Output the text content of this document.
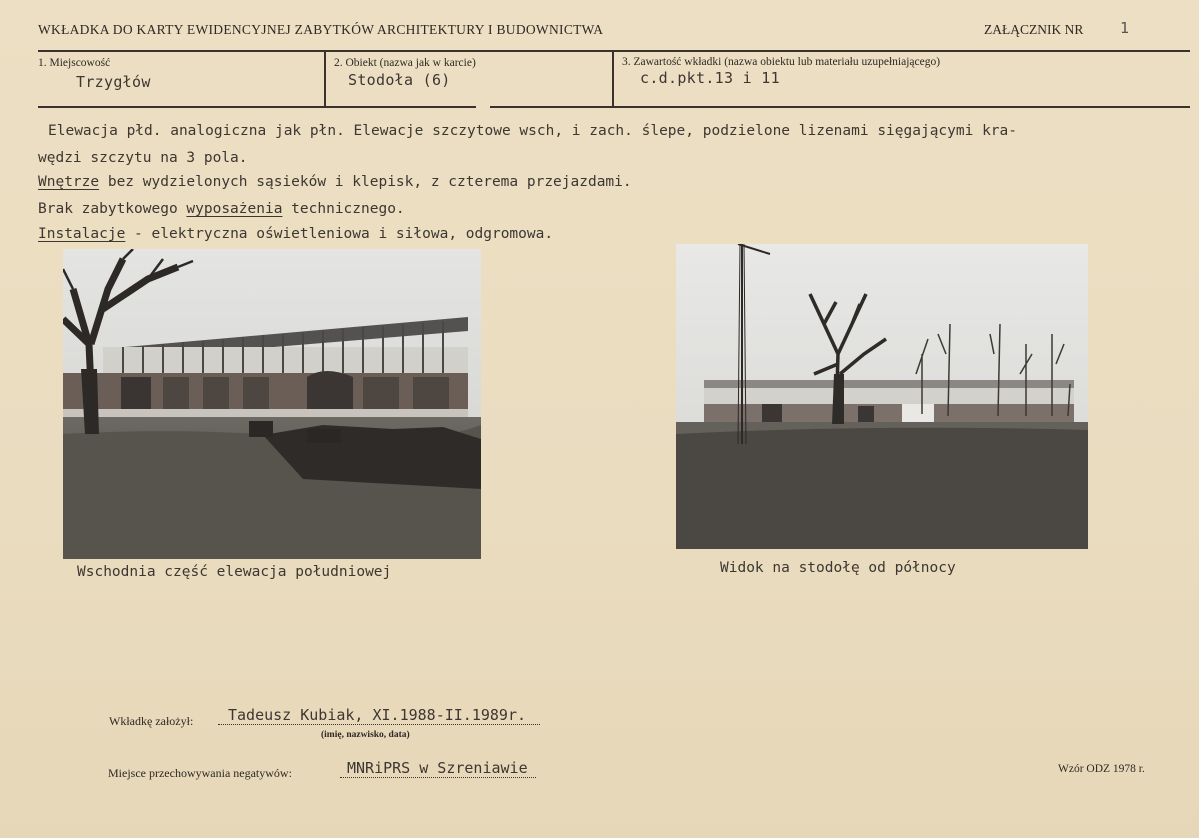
WKŁADKA DO KARTY EWIDENCYJNEJ ZABYTKÓW ARCHITEKTURY I BUDOWNICTWA	ZAŁĄCZNIK NR 1
1. Miejscowość
Trzygłów
2. Obiekt (nazwa jak w karcie)
Stodoła (6)
3. Zawartość wkładki (nazwa obiektu lub materiału uzupełniającego)
c.d.pkt.13 i 11
Elewacja płd. analogiczna jak płn. Elewacje szczytowe wsch, i zach. ślepe, podzielone lizenami sięgającymi kra-
wędzi szczytu na 3 pola.
Wnętrze bez wydzielonych sąsieków i klepisk, z czterema przejazdami.
Brak zabytkowego wyposażenia technicznego.
Instalacje - elektryczna oświetleniowa i siłowa, odgromowa.
Wschodnia część elewacja południowej	Widok na stodołę od północy
Wkładkę założył: Tadeusz Kubiak, XI.1988-II.1989r.
(imię, nazwisko, data)
Miejsce przechowywania negatywów:	MNRiPRS w Szreniawie	Wzór ODZ 1978 r.
